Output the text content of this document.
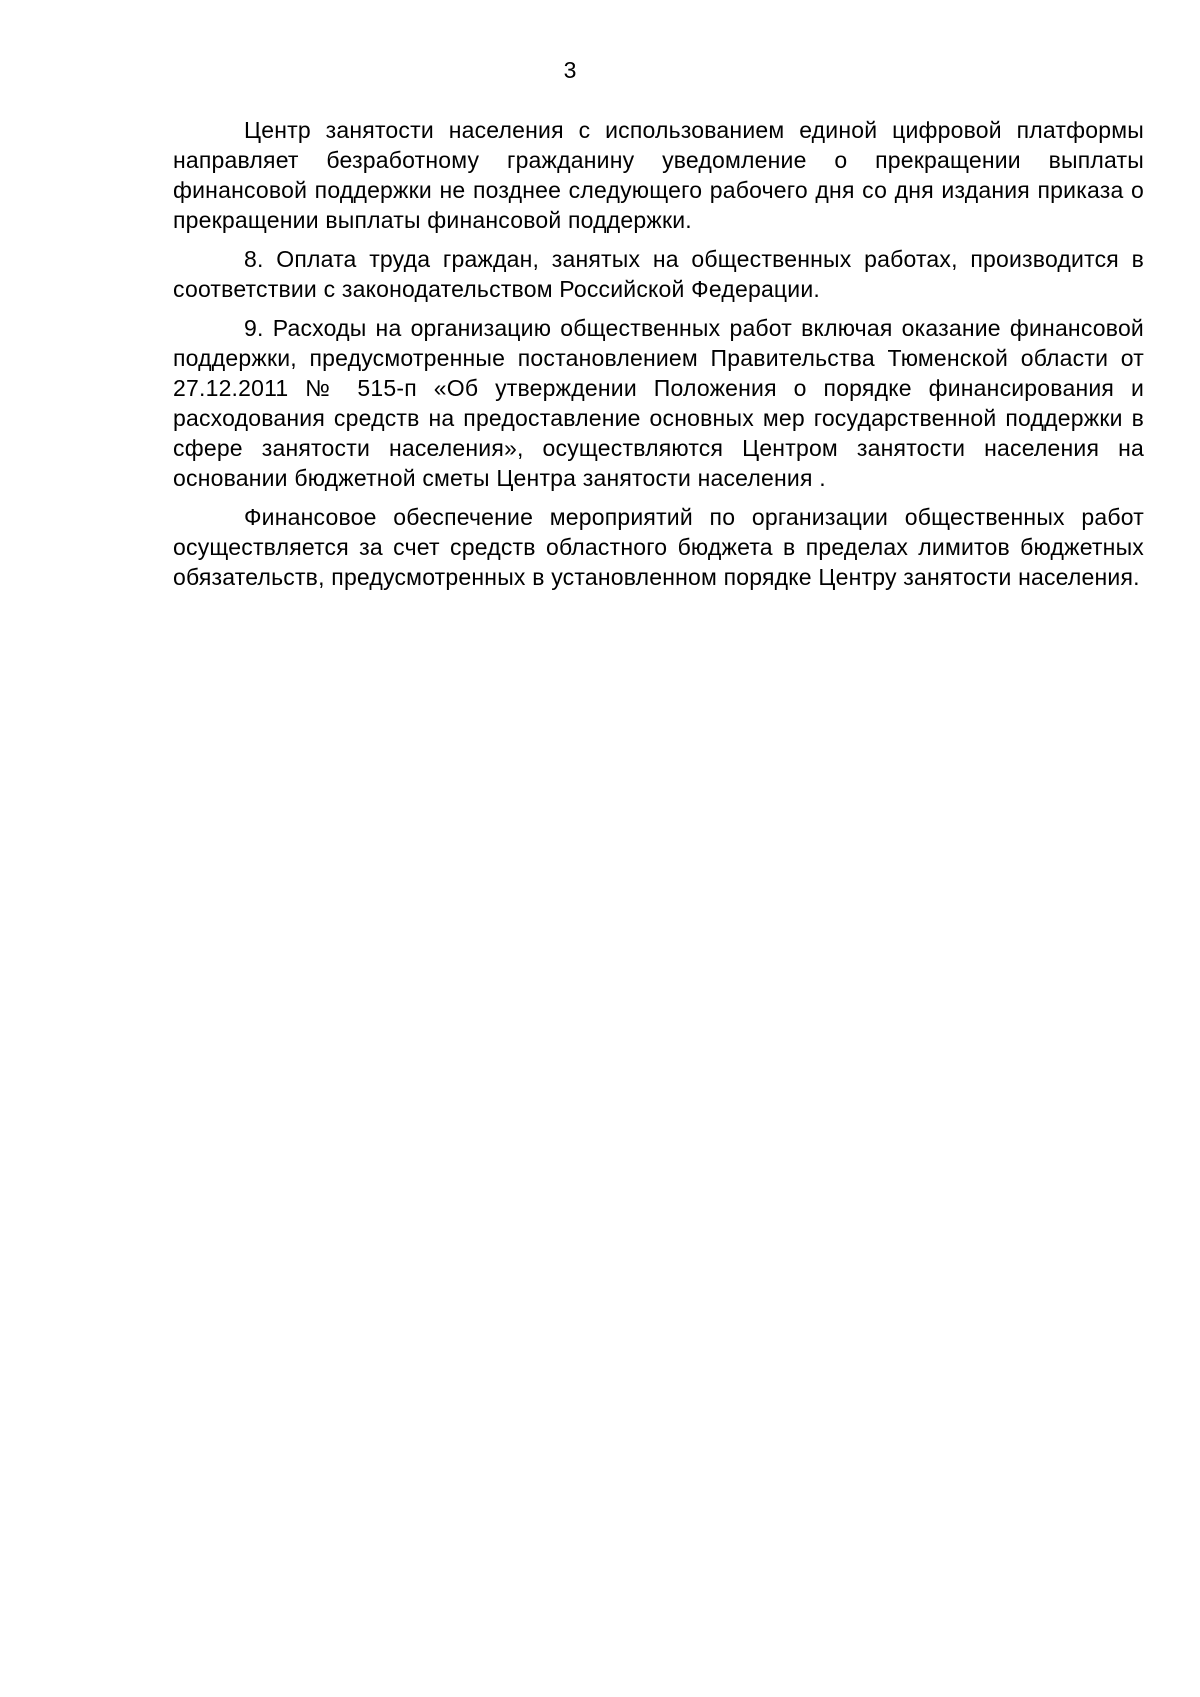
3

Центр занятости населения с использованием единой цифровой платформы направляет безработному гражданину уведомление о прекращении выплаты финансовой поддержки не позднее следующего рабочего дня со дня издания приказа о прекращении выплаты финансовой поддержки.

8. Оплата труда граждан, занятых на общественных работах, производится в соответствии с законодательством Российской Федерации.

9. Расходы на организацию общественных работ включая оказание финансовой поддержки, предусмотренные постановлением Правительства Тюменской области от 27.12.2011 № 515-п «Об утверждении Положения о порядке финансирования и расходования средств на предоставление основных мер государственной поддержки в сфере занятости населения», осуществляются Центром занятости населения на основании бюджетной сметы Центра занятости населения .

Финансовое обеспечение мероприятий по организации общественных работ осуществляется за счет средств областного бюджета в пределах лимитов бюджетных обязательств, предусмотренных в установленном порядке Центру занятости населения.
